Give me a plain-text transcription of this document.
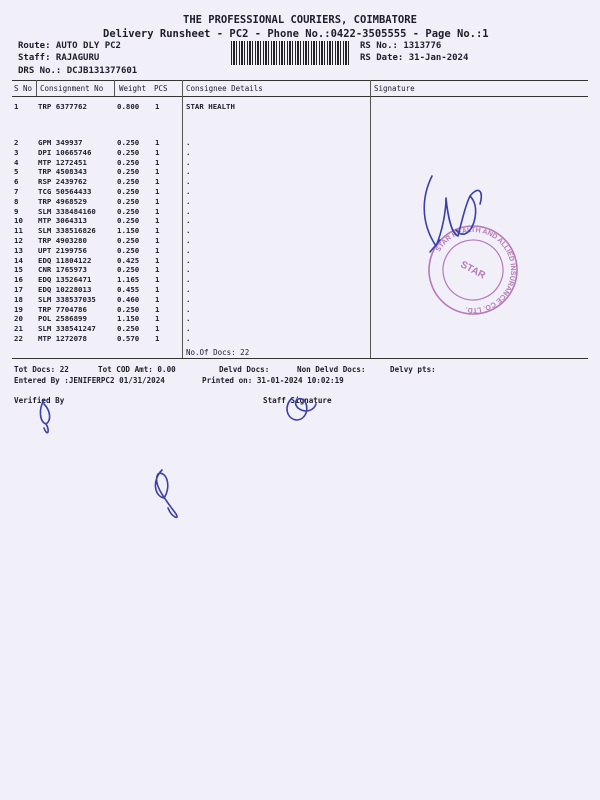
THE PROFESSIONAL COURIERS, COIMBATORE
Delivery Runsheet - PC2 - Phone No.:0422-3505555 - Page No.:1
Route: AUTO DLY PC2
Staff: RAJAGURU
DRS No.: DCJB131377601
RS No.: 1313776
RS Date: 31-Jan-2024
S No Consignment No Weight PCS Consignee Details	Signature
1	TRP 6377762	0.800 1	STAR HEALTH
2	GPM 349937	0.250 1	.
3	DPI 10665746	0.250 1	.
4	MTP 1272451	0.250 1	.
5	TRP 4508343	0.250 1	.
6	RSP 2439762	0.250 1	.
7	TCG 50564433	0.250 1	.
8	TRP 4968529	0.250 1	.
9	SLM 338484160	0.250 1	.
10 MTP 3064313	0.250 1	.
11 SLM 338516826	1.150 1	.
12 TRP 4903280	0.250 1	.
13 UPT 2199756	0.250 1	.
14 EDQ 11804122	0.425 1	.
15 CNR 1765973	0.250 1	.
16 EDQ 13526471	1.165 1	.
17 EDQ 10228013	0.455 1	.
18 SLM 338537035	0.460 1	.
19 TRP 7704786	0.250 1	.
20 POL 2586899	1.150 1	.
21 SLM 338541247	0.250 1	.
22 MTP 1272078	0.570 1	.
No.Of Docs: 22
Tot Docs: 22	Tot COD Amt: 0.00	Delvd Docs:	Non Delvd Docs:	Delvy pts:
Entered By :JENIFERPC2 01/31/2024	Printed on: 31-01-2024 10:02:19
Verified By	Staff Signature
STAR HEALTH AND ALLIED INSURANCE CO. LTD.
STAR
